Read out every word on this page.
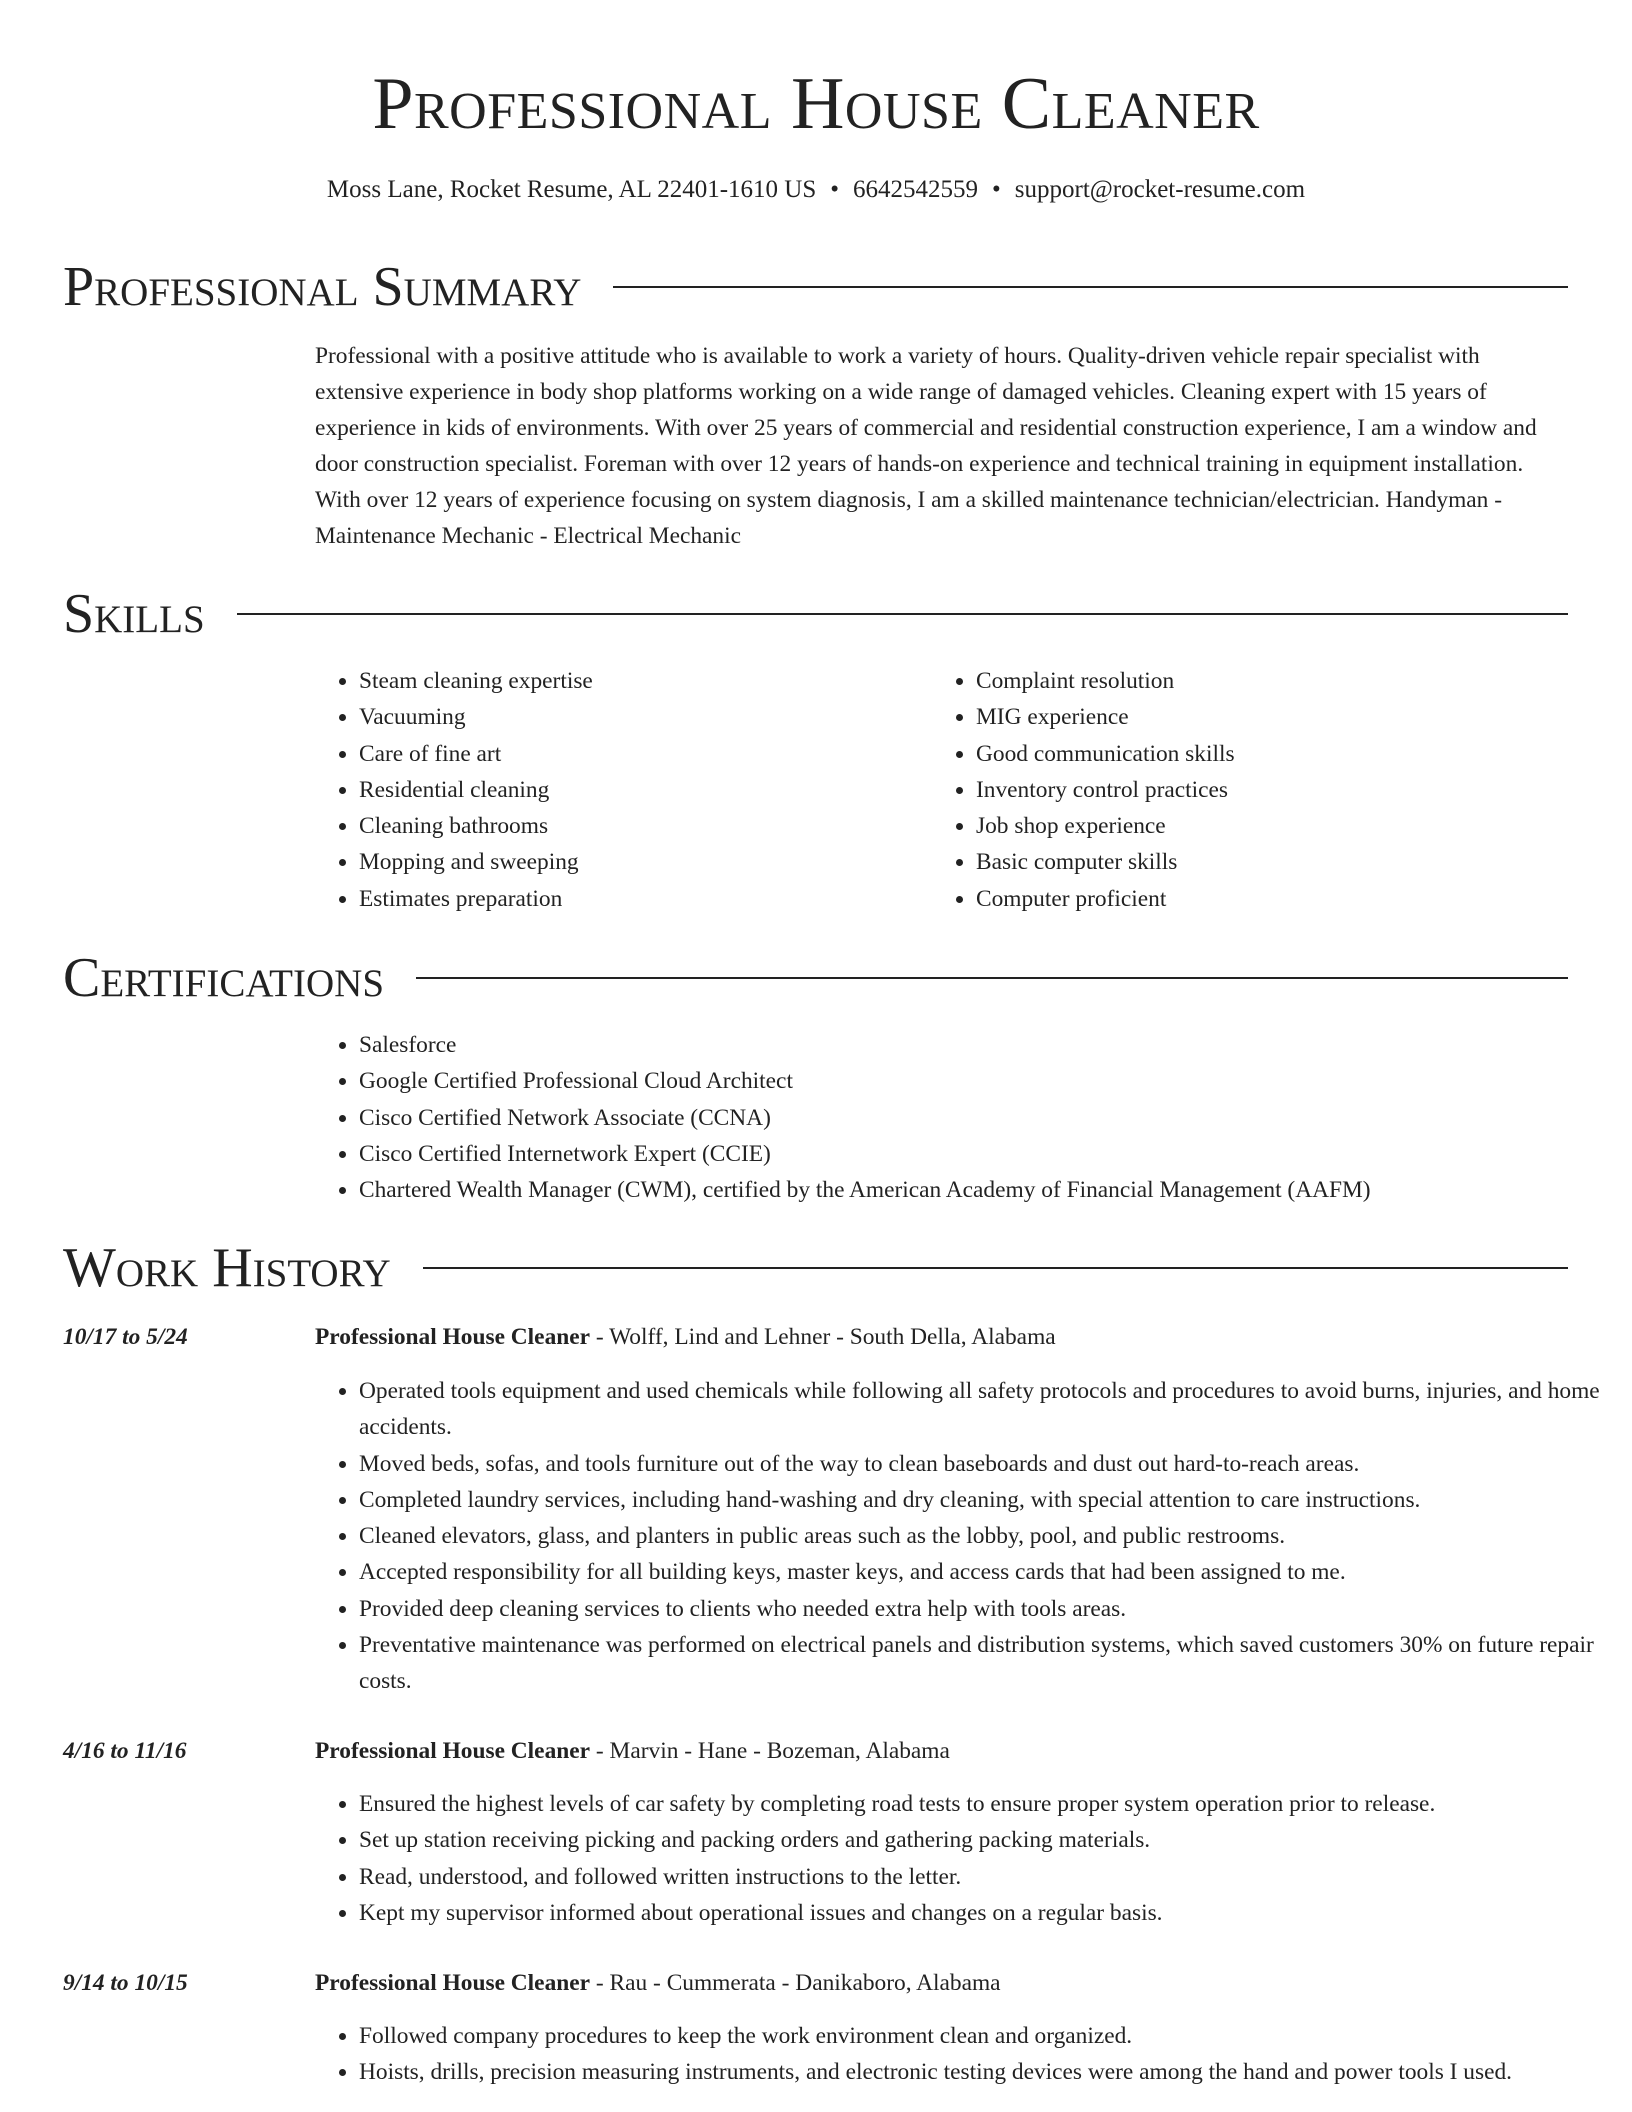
Professional House Cleaner
Moss Lane, Rocket Resume, AL 22401-1610 US • 6642542559 • support@rocket-resume.com
Professional Summary
Professional with a positive attitude who is available to work a variety of hours. Quality-driven vehicle repair specialist with extensive experience in body shop platforms working on a wide range of damaged vehicles. Cleaning expert with 15 years of experience in kids of environments. With over 25 years of commercial and residential construction experience, I am a window and door construction specialist. Foreman with over 12 years of hands-on experience and technical training in equipment installation. With over 12 years of experience focusing on system diagnosis, I am a skilled maintenance technician/electrician. Handyman - Maintenance Mechanic - Electrical Mechanic
Skills
• Steam cleaning expertise
• Vacuuming
• Care of fine art
• Residential cleaning
• Cleaning bathrooms
• Mopping and sweeping
• Estimates preparation
• Complaint resolution
• MIG experience
• Good communication skills
• Inventory control practices
• Job shop experience
• Basic computer skills
• Computer proficient
Certifications
• Salesforce
• Google Certified Professional Cloud Architect
• Cisco Certified Network Associate (CCNA)
• Cisco Certified Internetwork Expert (CCIE)
• Chartered Wealth Manager (CWM), certified by the American Academy of Financial Management (AAFM)
Work History
10/17 to 5/24	Professional House Cleaner - Wolff, Lind and Lehner - South Della, Alabama
• Operated tools equipment and used chemicals while following all safety protocols and procedures to avoid burns, injuries, and home accidents.
• Moved beds, sofas, and tools furniture out of the way to clean baseboards and dust out hard-to-reach areas.
• Completed laundry services, including hand-washing and dry cleaning, with special attention to care instructions.
• Cleaned elevators, glass, and planters in public areas such as the lobby, pool, and public restrooms.
• Accepted responsibility for all building keys, master keys, and access cards that had been assigned to me.
• Provided deep cleaning services to clients who needed extra help with tools areas.
• Preventative maintenance was performed on electrical panels and distribution systems, which saved customers 30% on future repair costs.
4/16 to 11/16	Professional House Cleaner - Marvin - Hane - Bozeman, Alabama
• Ensured the highest levels of car safety by completing road tests to ensure proper system operation prior to release.
• Set up station receiving picking and packing orders and gathering packing materials.
• Read, understood, and followed written instructions to the letter.
• Kept my supervisor informed about operational issues and changes on a regular basis.
9/14 to 10/15	Professional House Cleaner - Rau - Cummerata - Danikaboro, Alabama
• Followed company procedures to keep the work environment clean and organized.
• Hoists, drills, precision measuring instruments, and electronic testing devices were among the hand and power tools I used.
